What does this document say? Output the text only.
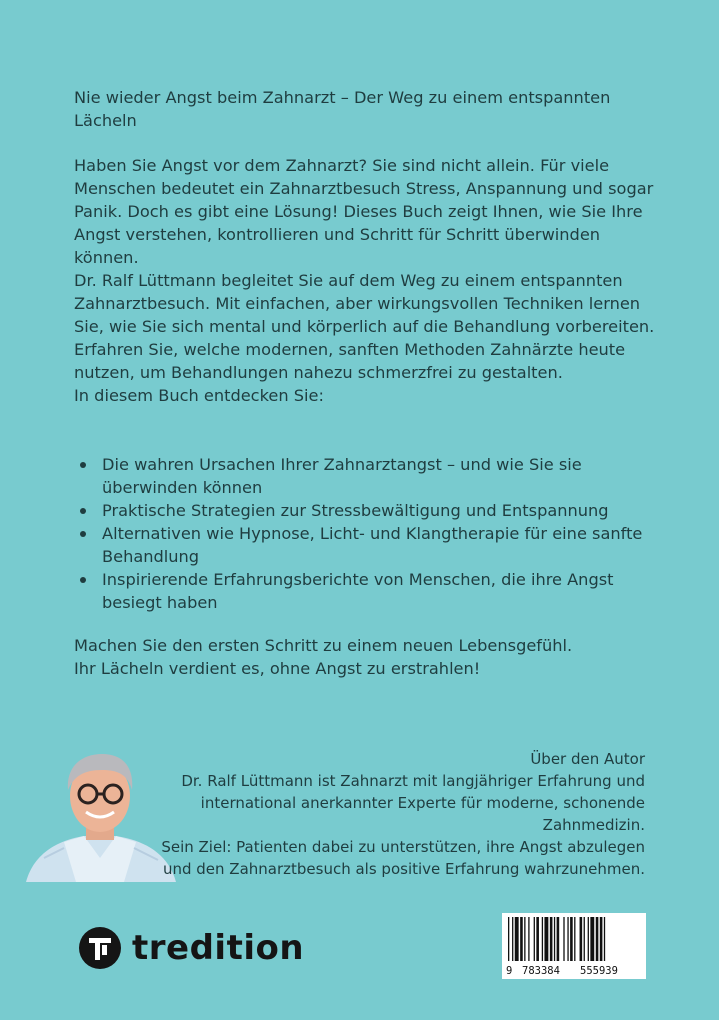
Nie wieder Angst beim Zahnarzt – Der Weg zu einem entspannten
Lächeln

Haben Sie Angst vor dem Zahnarzt? Sie sind nicht allein. Für viele Menschen bedeutet ein Zahnarztbesuch Stress, Anspannung und sogar Panik. Doch es gibt eine Lösung! Dieses Buch zeigt Ihnen, wie Sie Ihre Angst verstehen, kontrollieren und Schritt für Schritt überwinden können.

Dr. Ralf Lüttmann begleitet Sie auf dem Weg zu einem entspannten Zahnarztbesuch. Mit einfachen, aber wirkungsvollen Techniken lernen Sie, wie Sie sich mental und körperlich auf die Behandlung vorbereiten. Erfahren Sie, welche modernen, sanften Methoden Zahnärzte heute nutzen, um Behandlungen nahezu schmerzfrei zu gestalten.

In diesem Buch entdecken Sie:

Die wahren Ursachen Ihrer Zahnarztangst – und wie Sie sie überwinden können
Praktische Strategien zur Stressbewältigung und Entspannung
Alternativen wie Hypnose, Licht- und Klangtherapie für eine sanfte Behandlung
Inspirierende Erfahrungsberichte von Menschen, die ihre Angst besiegt haben

Machen Sie den ersten Schritt zu einem neuen Lebensgefühl.

Ihr Lächeln verdient es, ohne Angst zu erstrahlen!

Über den Autor

Dr. Ralf Lüttmann ist Zahnarzt mit langjähriger Erfahrung und

international anerkannter Experte für moderne, schonende

Zahnmedizin.

Sein Ziel: Patienten dabei zu unterstützen, ihre Angst abzulegen

und den Zahnarztbesuch als positive Erfahrung wahrzunehmen.

tredition
9 783384	555939
